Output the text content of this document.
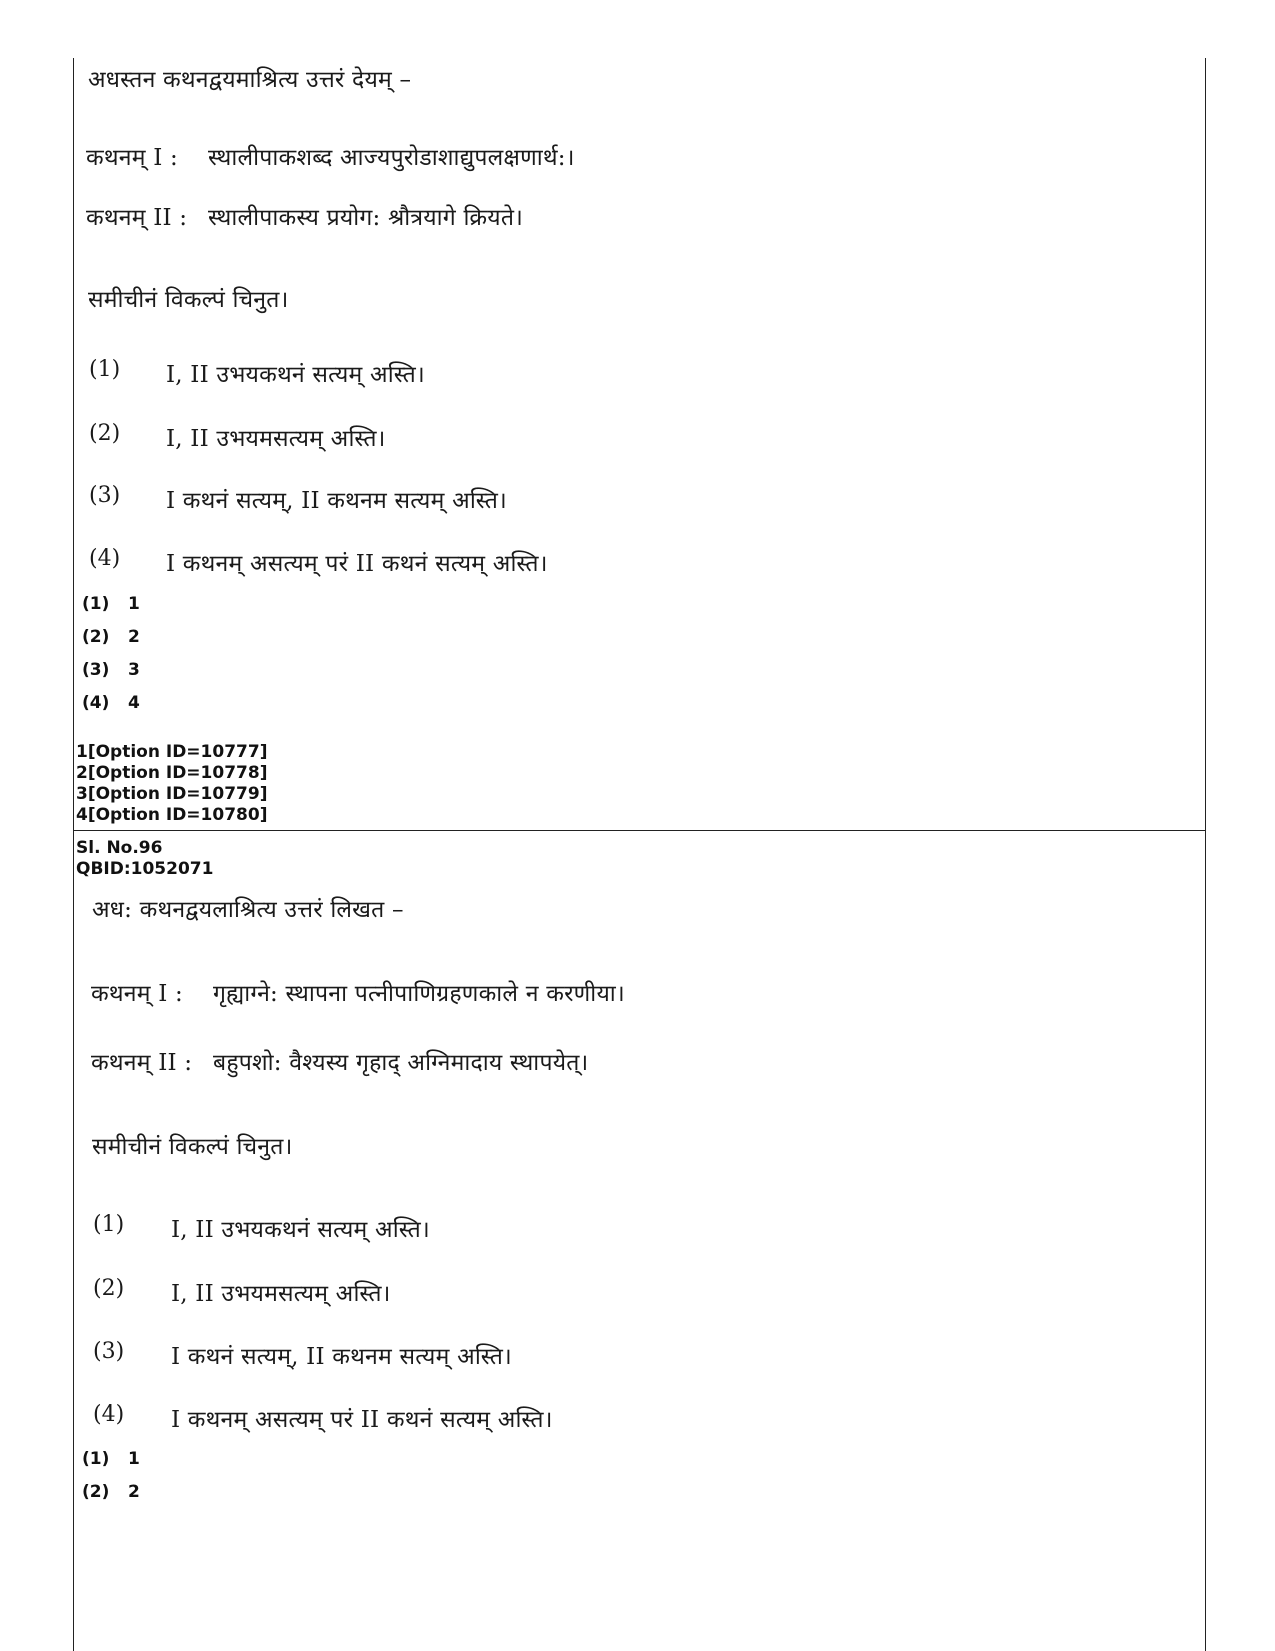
अधस्तन कथनद्वयमाश्रित्य उत्तरं देयम् –
कथनम् I : स्थालीपाकशब्द आज्यपुरोडाशाद्युपलक्षणार्थ:।
कथनम् II : स्थालीपाकस्य प्रयोग: श्रौत्रयागे क्रियते।
समीचीनं विकल्पं चिनुत।
(1) I, II उभयकथनं सत्यम् अस्ति।
(2) I, II उभयमसत्यम् अस्ति।
(3) I कथनं सत्यम्, II कथनम सत्यम् अस्ति।
(4) I कथनम् असत्यम् परं II कथनं सत्यम् अस्ति।
(1) 1
(2) 2
(3) 3
(4) 4
1[Option ID=10777]
2[Option ID=10778]
3[Option ID=10779]
4[Option ID=10780]
Sl. No.96
QBID:1052071
अध: कथनद्वयलाश्रित्य उत्तरं लिखत –
कथनम् I : गृह्याग्ने: स्थापना पत्नीपाणिग्रहणकाले न करणीया।
कथनम् II : बहुपशो: वैश्यस्य गृहाद् अग्निमादाय स्थापयेत्।
समीचीनं विकल्पं चिनुत।
(1) I, II उभयकथनं सत्यम् अस्ति।
(2) I, II उभयमसत्यम् अस्ति।
(3) I कथनं सत्यम्, II कथनम सत्यम् अस्ति।
(4) I कथनम् असत्यम् परं II कथनं सत्यम् अस्ति।
(1) 1
(2) 2
